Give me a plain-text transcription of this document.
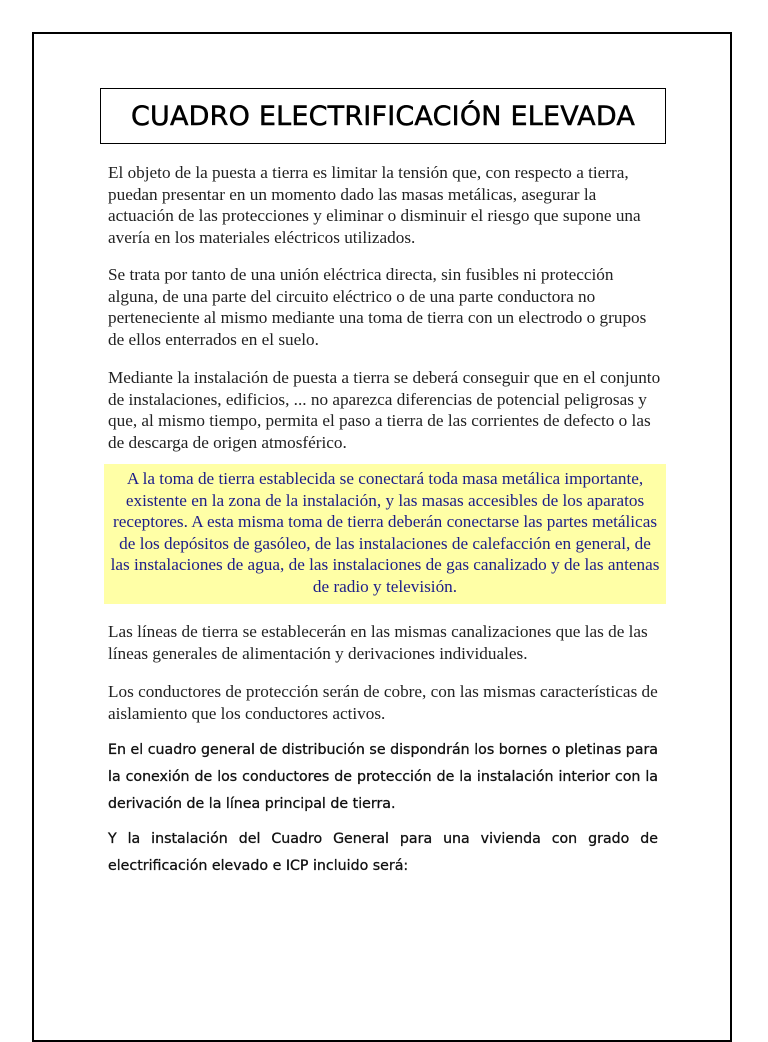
CUADRO ELECTRIFICACIÓN ELEVADA

El objeto de la puesta a tierra es limitar la tensión que, con respecto a tierra, puedan presentar en un momento dado las masas metálicas, asegurar la actuación de las protecciones y eliminar o disminuir el riesgo que supone una avería en los materiales eléctricos utilizados.

Se trata por tanto de una unión eléctrica directa, sin fusibles ni protección alguna, de una parte del circuito eléctrico o de una parte conductora no perteneciente al mismo mediante una toma de tierra con un electrodo o grupos de ellos enterrados en el suelo.

Mediante la instalación de puesta a tierra se deberá conseguir que en el conjunto de instalaciones, edificios, ... no aparezca diferencias de potencial peligrosas y que, al mismo tiempo, permita el paso a tierra de las corrientes de defecto o las de descarga de origen atmosférico.

A la toma de tierra establecida se conectará toda masa metálica importante, existente en la zona de la instalación, y las masas accesibles de los aparatos receptores. A esta misma toma de tierra deberán conectarse las partes metálicas de los depósitos de gasóleo, de las instalaciones de calefacción en general, de las instalaciones de agua, de las instalaciones de gas canalizado y de las antenas de radio y televisión.

Las líneas de tierra se establecerán en las mismas canalizaciones que las de las líneas generales de alimentación y derivaciones individuales.

Los conductores de protección serán de cobre, con las mismas características de aislamiento que los conductores activos.

En el cuadro general de distribución se dispondrán los bornes o pletinas para la conexión de los conductores de protección de la instalación interior con la derivación de la línea principal de tierra.

Y la instalación del Cuadro General para una vivienda con grado de electrificación elevado e ICP incluido será:
